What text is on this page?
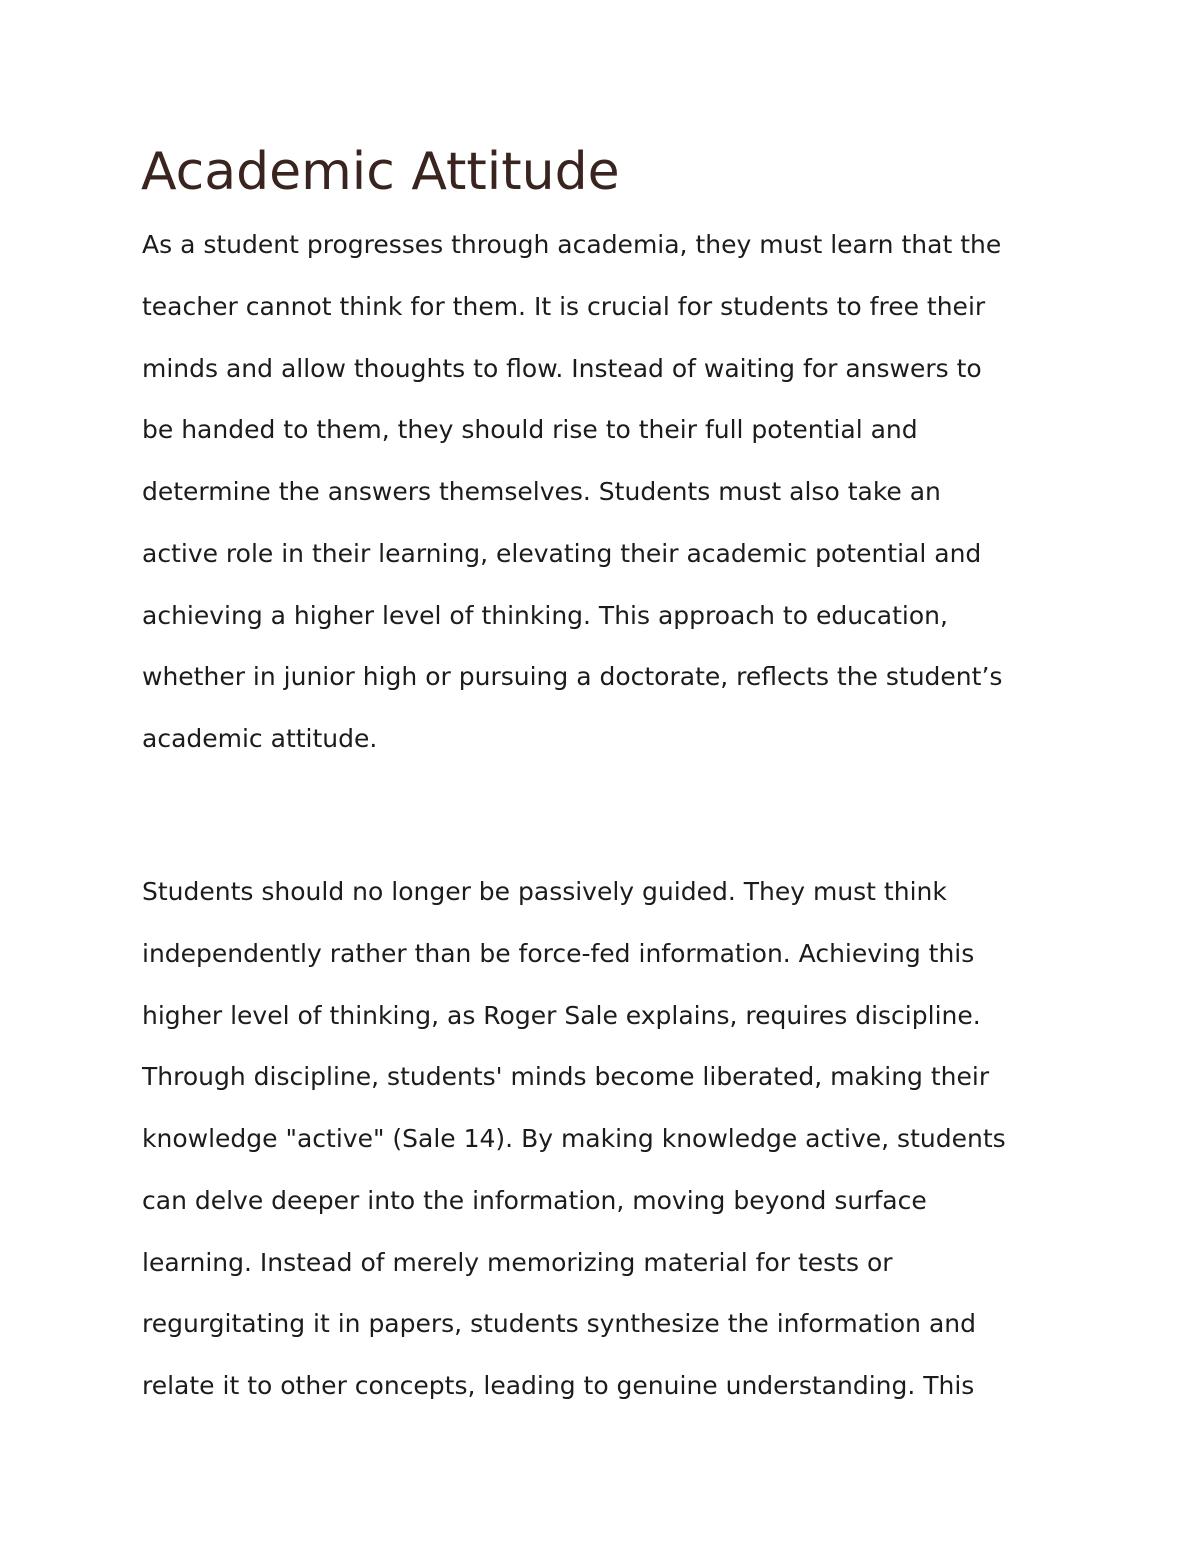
Academic Attitude
As a student progresses through academia, they must learn that the
teacher cannot think for them. It is crucial for students to free their
minds and allow thoughts to flow. Instead of waiting for answers to
be handed to them, they should rise to their full potential and
determine the answers themselves. Students must also take an
active role in their learning, elevating their academic potential and
achieving a higher level of thinking. This approach to education,
whether in junior high or pursuing a doctorate, reflects the student’s
academic attitude.
Students should no longer be passively guided. They must think
independently rather than be force-fed information. Achieving this
higher level of thinking, as Roger Sale explains, requires discipline.
Through discipline, students' minds become liberated, making their
knowledge "active" (Sale 14). By making knowledge active, students
can delve deeper into the information, moving beyond surface
learning. Instead of merely memorizing material for tests or
regurgitating it in papers, students synthesize the information and
relate it to other concepts, leading to genuine understanding. This
